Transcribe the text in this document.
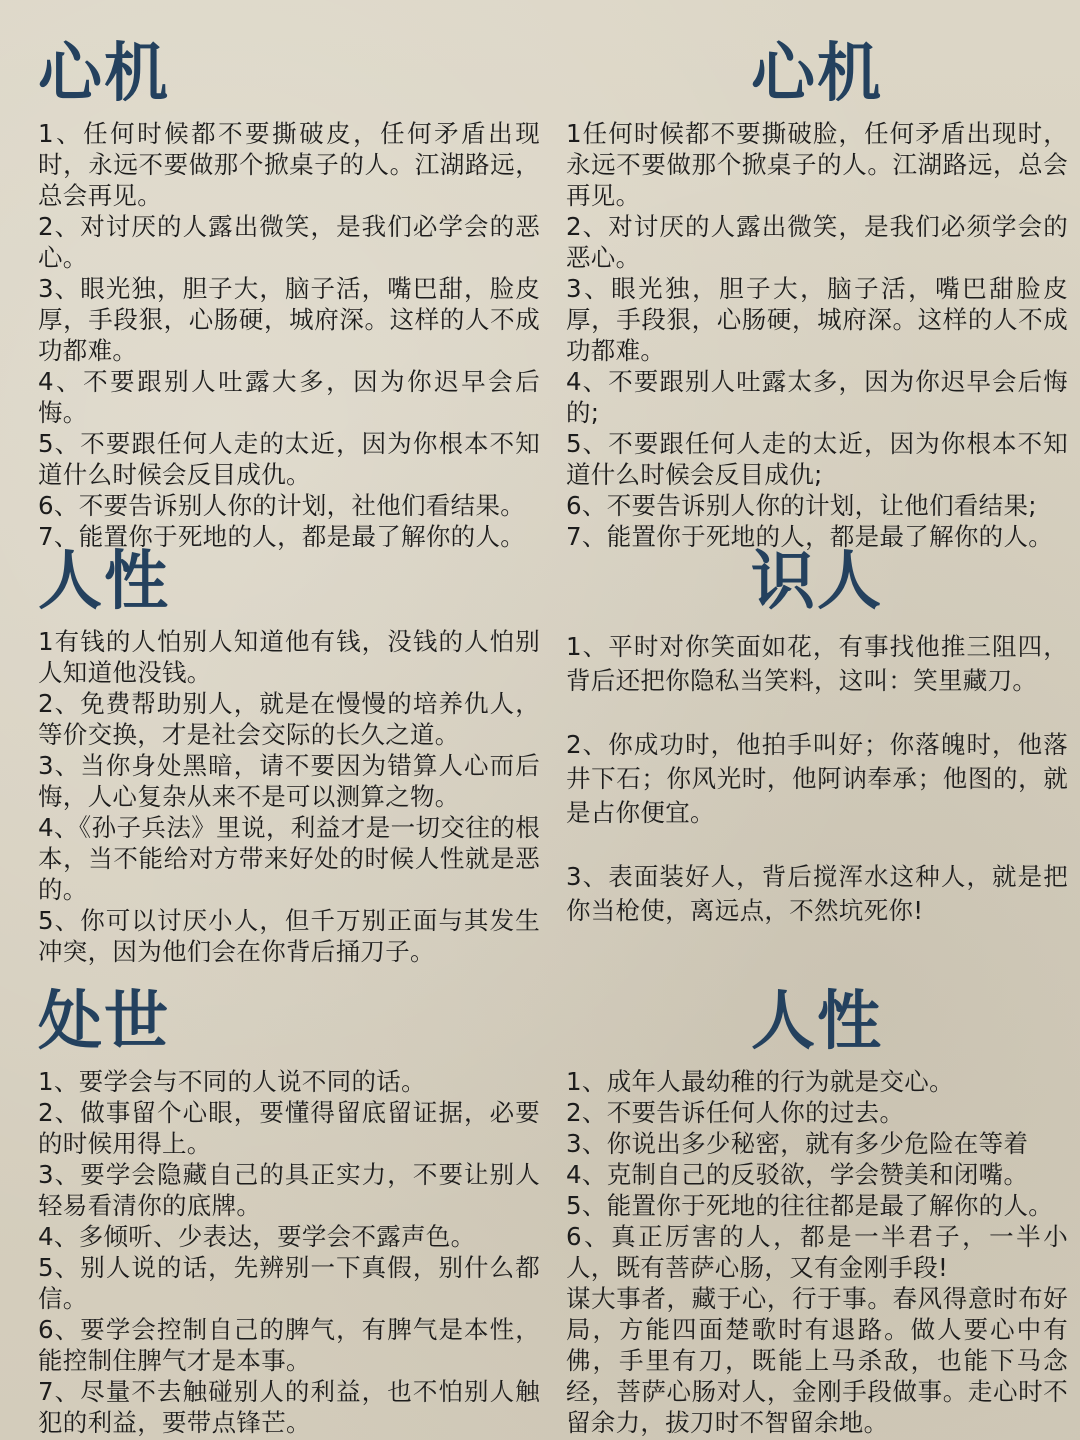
心机
1、任何时候都不要撕破皮，任何矛盾出现时，永远不要做那个掀桌子的人。江湖路远，总会再见。
2、对讨厌的人露出微笑，是我们必学会的恶心。
3、眼光独，胆子大，脑子活，嘴巴甜，脸皮厚，手段狠，心肠硬，城府深。这样的人不成功都难。
4、不要跟别人吐露大多，因为你迟早会后悔。
5、不要跟任何人走的太近，因为你根本不知道什么时候会反目成仇。
6、不要告诉别人你的计划，社他们看结果。
7、能置你于死地的人，都是最了解你的人。
心机
1任何时候都不要撕破脸，任何矛盾出现时，永远不要做那个掀桌子的人。江湖路远，总会再见。
2、对讨厌的人露出微笑，是我们必须学会的恶心。
3、眼光独，胆子大，脑子活，嘴巴甜脸皮厚，手段狠，心肠硬，城府深。这样的人不成功都难。
4、不要跟别人吐露太多，因为你迟早会后悔的;
5、不要跟任何人走的太近，因为你根本不知道什么时候会反目成仇;
6、不要告诉别人你的计划，让他们看结果;
7、能置你于死地的人，都是最了解你的人。
人性
1有钱的人怕别人知道他有钱，没钱的人怕别人知道他没钱。
2、免费帮助别人，就是在慢慢的培养仇人，等价交换，才是社会交际的长久之道。
3、当你身处黑暗，请不要因为错算人心而后悔，人心复杂从来不是可以测算之物。
4、《孙子兵法》里说，利益才是一切交往的根本，当不能给对方带来好处的时候人性就是恶的。
5、你可以讨厌小人，但千万别正面与其发生冲突，因为他们会在你背后捅刀子。
识人
1、平时对你笑面如花，有事找他推三阻四，背后还把你隐私当笑料，这叫：笑里藏刀。
2、你成功时，他拍手叫好；你落魄时，他落井下石；你风光时，他阿讷奉承；他图的，就是占你便宜。
3、表面装好人，背后搅浑水这种人，就是把你当枪使，离远点，不然坑死你!
处世
1、要学会与不同的人说不同的话。
2、做事留个心眼，要懂得留底留证据，必要的时候用得上。
3、要学会隐藏自己的具正实力，不要让别人轻易看清你的底牌。
4、多倾听、少表达，要学会不露声色。
5、别人说的话，先辨别一下真假，别什么都信。
6、要学会控制自己的脾气，有脾气是本性，能控制住脾气才是本事。
7、尽量不去触碰别人的利益，也不怕别人触犯的利益，要带点锋芒。
人性
1、成年人最幼稚的行为就是交心。
2、不要告诉任何人你的过去。
3、你说出多少秘密，就有多少危险在等着
4、克制自己的反驳欲，学会赞美和闭嘴。
5、能置你于死地的往往都是最了解你的人。
6、真正厉害的人，都是一半君子，一半小人，既有菩萨心肠，又有金刚手段!
谋大事者，藏于心，行于事。春风得意时布好局，方能四面楚歌时有退路。做人要心中有佛，手里有刀，既能上马杀敌，也能下马念经，菩萨心肠对人，金刚手段做事。走心时不留余力，拔刀时不智留余地。
